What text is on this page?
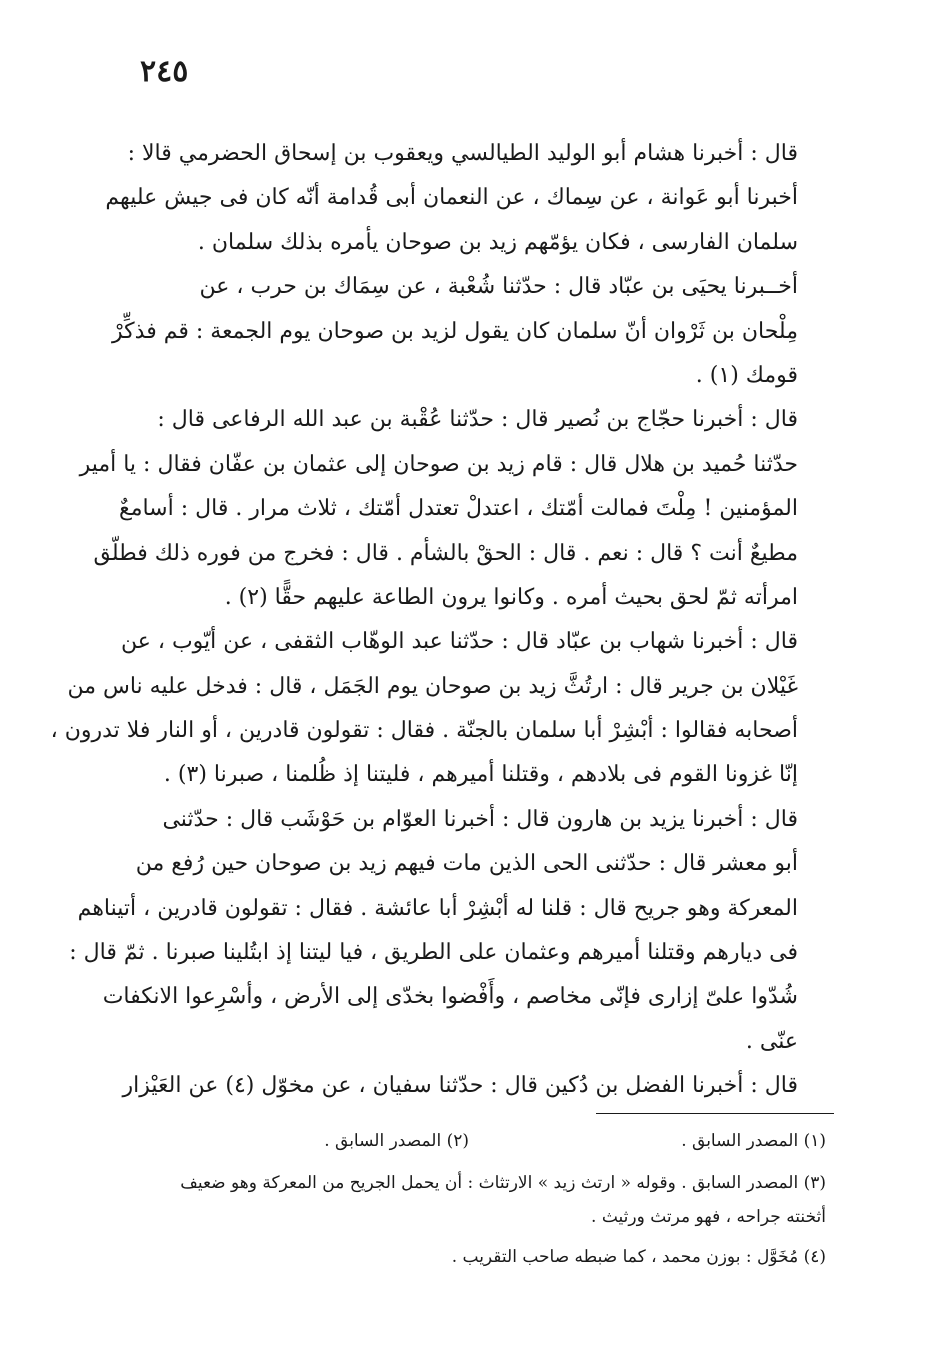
٢٤٥

قال : أخبرنا هشام أبو الوليد الطيالسي ويعقوب بن إسحاق الحضرمي قالا :
أخبرنا أبو عَوانة ، عن سِماك ، عن النعمان أبى قُدامة أنّه كان فى جيش عليهم
سلمان الفارسى ، فكان يؤمّهم زيد بن صوحان يأمره بذلك سلمان .

أخــبرنا يحيَى بن عبّاد قال : حدّثنا شُعْبة ، عن سِمَاك بن حرب ، عن
مِلْحان بن ثَرْوان أنّ سلمان كان يقول لزيد بن صوحان يوم الجمعة : قم فذكِّرْ
قومك (١) .

قال : أخبرنا حجّاج بن نُصير قال : حدّثنا عُقْبة بن عبد الله الرفاعى قال :
حدّثنا حُميد بن هلال قال : قام زيد بن صوحان إلى عثمان بن عفّان فقال : يا أمير
المؤمنين ! مِلْتَ فمالت أمّتك ، اعتدلْ تعتدل أمّتك ، ثلاث مرار . قال : أسامعٌ
مطيعٌ أنت ؟ قال : نعم . قال : الحقْ بالشأم . قال : فخرج من فوره ذلك فطلّق
امرأته ثمّ لحق بحيث أمره . وكانوا يرون الطاعة عليهم حقًّا (٢) .

قال : أخبرنا شهاب بن عبّاد قال : حدّثنا عبد الوهّاب الثقفى ، عن أيّوب ، عن
غَيْلان بن جرير قال : ارتُثَّ زيد بن صوحان يوم الجَمَل ، قال : فدخل عليه ناس من
أصحابه فقالوا : أبْشِرْ أبا سلمان بالجنّة . فقال : تقولون قادرين ، أو النار فلا تدرون ،
إنّا غزونا القوم فى بلادهم ، وقتلنا أميرهم ، فليتنا إذ ظُلمنا ، صبرنا (٣) .

قال : أخبرنا يزيد بن هارون قال : أخبرنا العوّام بن حَوْشَب قال : حدّثنى
أبو معشر قال : حدّثنى الحى الذين مات فيهم زيد بن صوحان حين رُفع من
المعركة وهو جريح قال : قلنا له أبْشِرْ أبا عائشة . فقال : تقولون قادرين ، أتيناهم
فى ديارهم وقتلنا أميرهم وعثمان على الطريق ، فيا ليتنا إذ ابتُلينا صبرنا . ثمّ قال :
شُدّوا علىّ إزارى فإنّى مخاصم ، وأَفْضوا بخدّى إلى الأرض ، وأسْرِعوا الانكفات
عنّى .

قال : أخبرنا الفضل بن دُكين قال : حدّثنا سفيان ، عن مخوّل (٤) عن العَيْزار

(١) المصدر السابق .
(٢) المصدر السابق .
(٣) المصدر السابق . وقوله « ارتث زيد » الارتثاث : أن يحمل الجريح من المعركة وهو ضعيف
أثخنته جراحه ، فهو مرتث ورثيث .
(٤) مُخَوَّل : بوزن محمد ، كما ضبطه صاحب التقريب .
